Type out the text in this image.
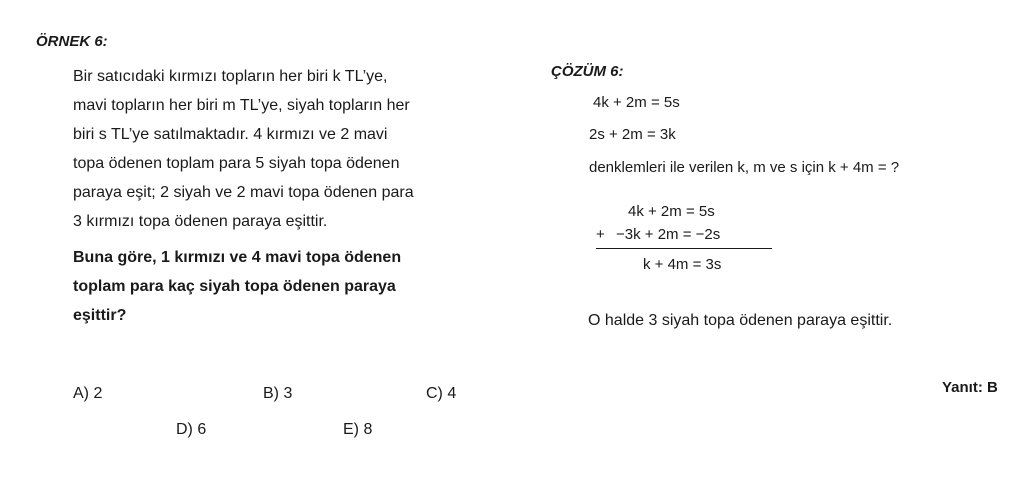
ÖRNEK 6:
Bir satıcıdaki kırmızı topların her biri k TL’ye,
mavi topların her biri m TL’ye, siyah topların her
biri s TL’ye satılmaktadır. 4 kırmızı ve 2 mavi
topa ödenen toplam para 5 siyah topa ödenen
paraya eşit; 2 siyah ve 2 mavi topa ödenen para
3 kırmızı topa ödenen paraya eşittir.
Buna göre, 1 kırmızı ve 4 mavi topa ödenen
toplam para kaç siyah topa ödenen paraya
eşittir?
A) 2	B) 3	C) 4
D) 6	E) 8
ÇÖZÜM 6:
4k + 2m = 5s
2s + 2m = 3k
denklemleri ile verilen k, m ve s için k + 4m = ?
4k + 2m = 5s
+ −3k + 2m = −2s
k + 4m = 3s
O halde 3 siyah topa ödenen paraya eşittir.
Yanıt: B
